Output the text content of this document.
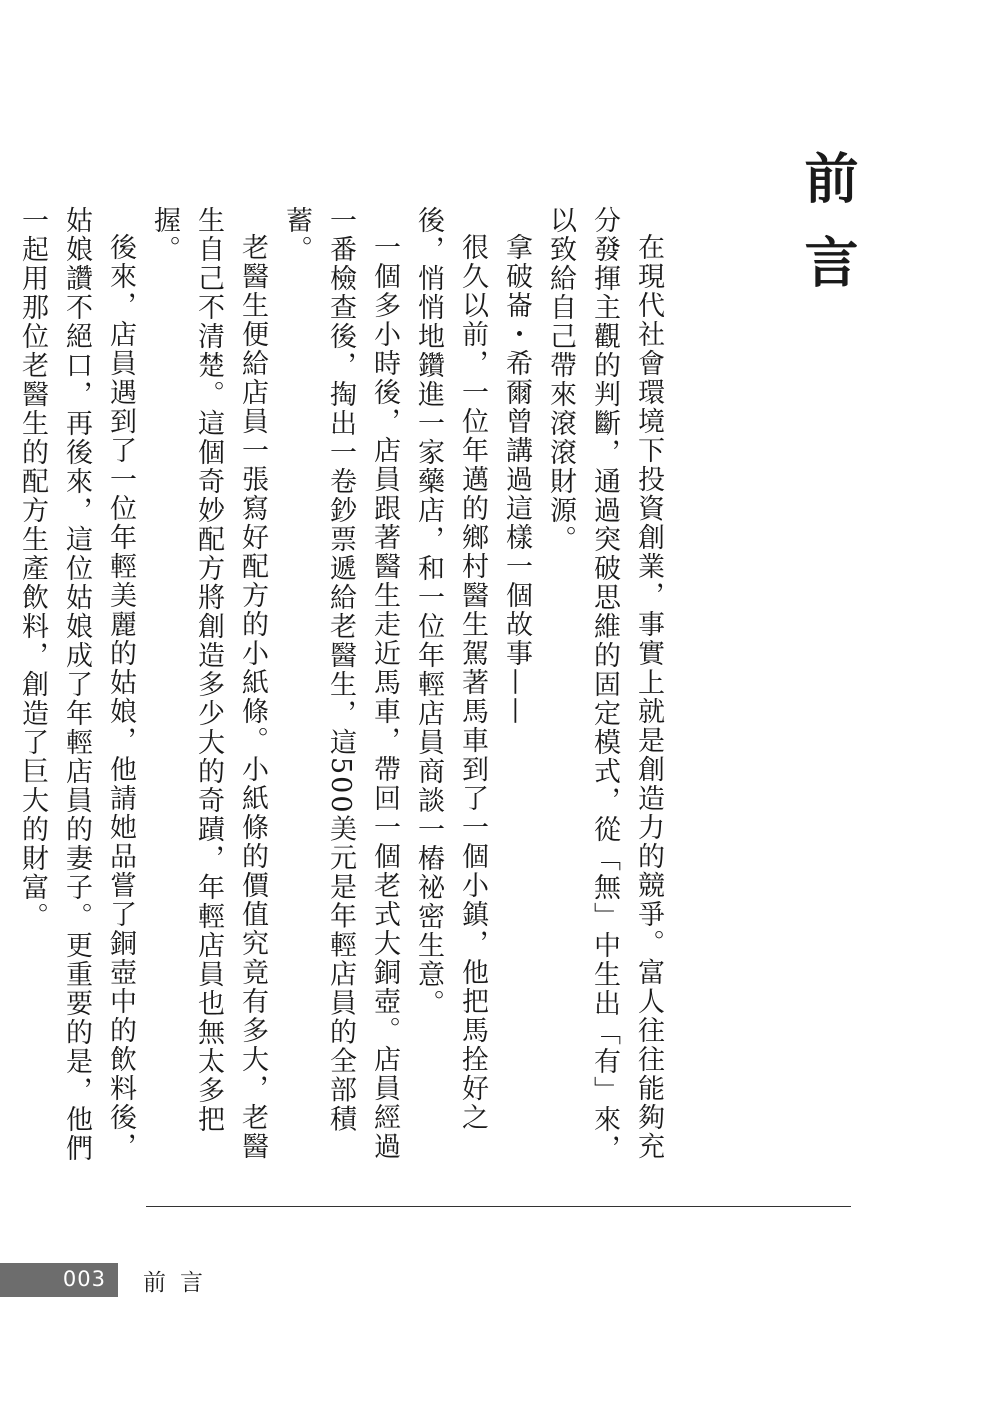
前言

在現代社會環境下投資創業，事實上就是創造力的競爭。富人往往能夠充分發揮主觀的判斷，通過突破思維的固定模式，從「無」中生出「有」來，以致給自己帶來滾滾財源。

拿破崙・希爾曾講過這樣一個故事——

很久以前，一位年邁的鄉村醫生駕著馬車到了一個小鎮，他把馬拴好之後，悄悄地鑽進一家藥店，和一位年輕店員商談一樁祕密生意。

一個多小時後，店員跟著醫生走近馬車，帶回一個老式大銅壺。店員經過一番檢查後，掏出一卷鈔票遞給老醫生，這500美元是年輕店員的全部積蓄。

老醫生便給店員一張寫好配方的小紙條。小紙條的價值究竟有多大，老醫生自己不清楚。這個奇妙配方將創造多少大的奇蹟，年輕店員也無太多把握。

後來，店員遇到了一位年輕美麗的姑娘，他請她品嘗了銅壺中的飲料後，姑娘讚不絕口，再後來，這位姑娘成了年輕店員的妻子。更重要的是，他們一起用那位老醫生的配方生產飲料，創造了巨大的財富。

003 前言
